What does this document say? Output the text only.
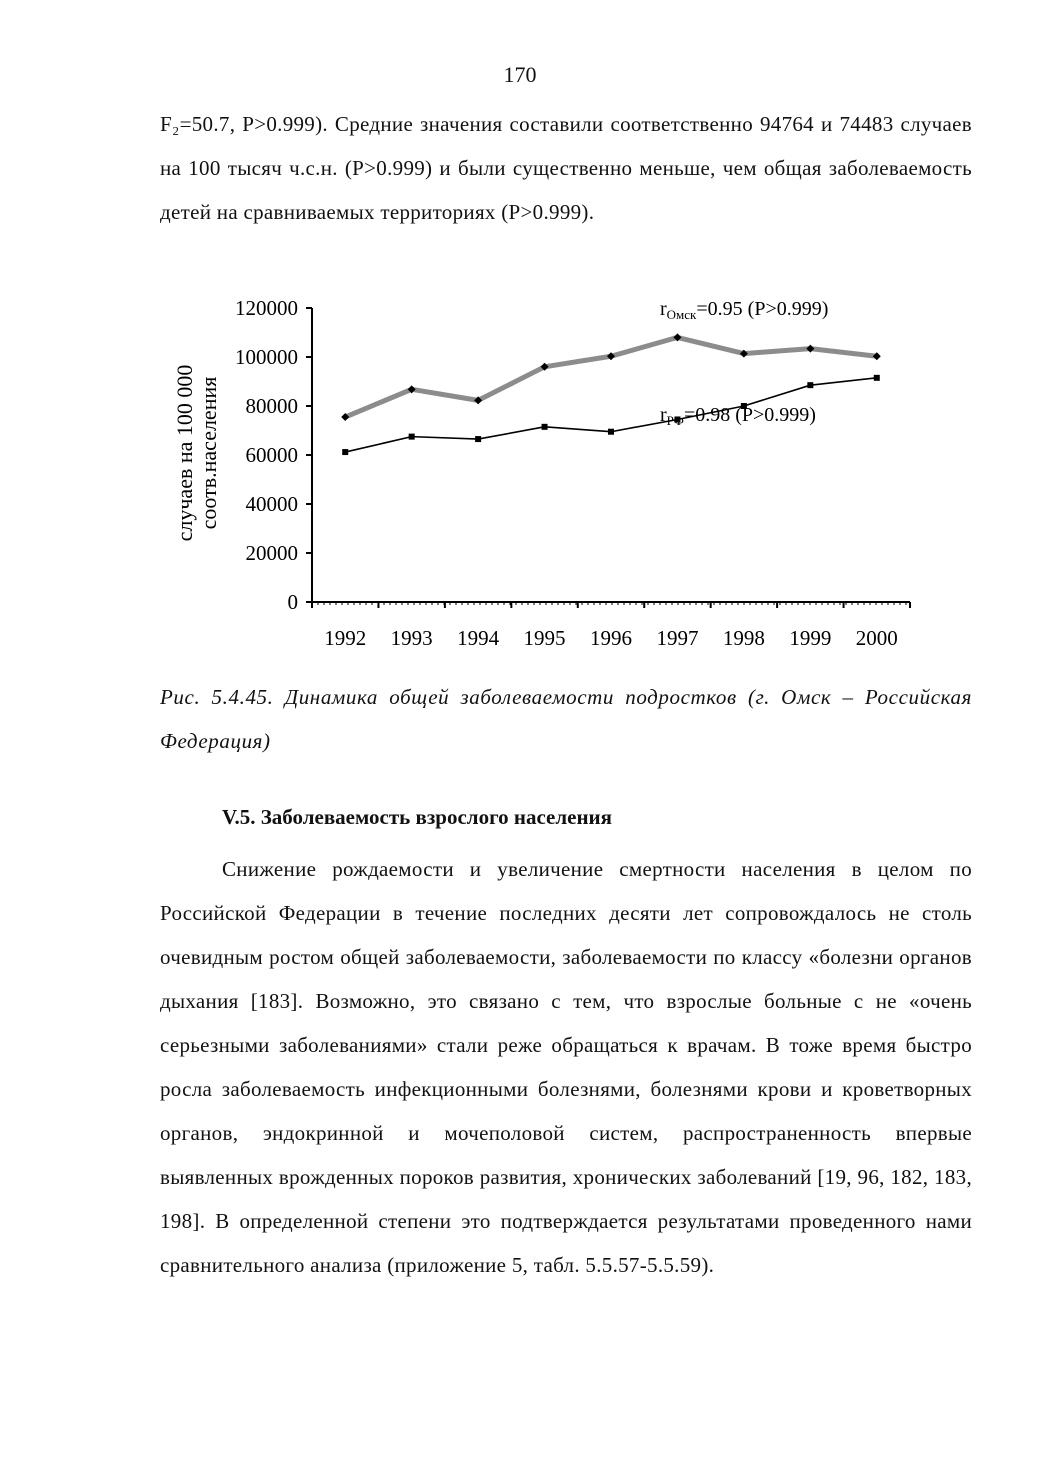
170
F₂=50.7, P>0.999). Средние значения составили соответственно 94764 и 74483 случаев на 100 тысяч ч.с.н. (P>0.999) и были существенно меньше, чем общая заболеваемость детей на сравниваемых территориях (P>0.999).
случаев на 100 000 соотв.населения
0
20000
40000
60000
80000
100000
120000
1992 1993 1994 1995 1996 1997 1998 1999 2000
$r_{Омск}=0.95$ (P>0.999)
$r_{РФ}=0.98$ (P>0.999)
Рис. 5.4.45. Динамика общей заболеваемости подростков (г. Омск – Российская Федерация)
V.5. Заболеваемость взрослого населения
Снижение рождаемости и увеличение смертности населения в целом по Российской Федерации в течение последних десяти лет сопровождалось не столь очевидным ростом общей заболеваемости, заболеваемости по классу «болезни органов дыхания [183]. Возможно, это связано с тем, что взрослые больные с не «очень серьезными заболеваниями» стали реже обращаться к врачам. В тоже время быстро росла заболеваемость инфекционными болезнями, болезнями крови и кроветворных органов, эндокринной и мочеполовой систем, распространенность впервые выявленных врожденных пороков развития, хронических заболеваний [19, 96, 182, 183, 198]. В определенной степени это подтверждается результатами проведенного нами сравнительного анализа (приложение 5, табл. 5.5.57-5.5.59).
